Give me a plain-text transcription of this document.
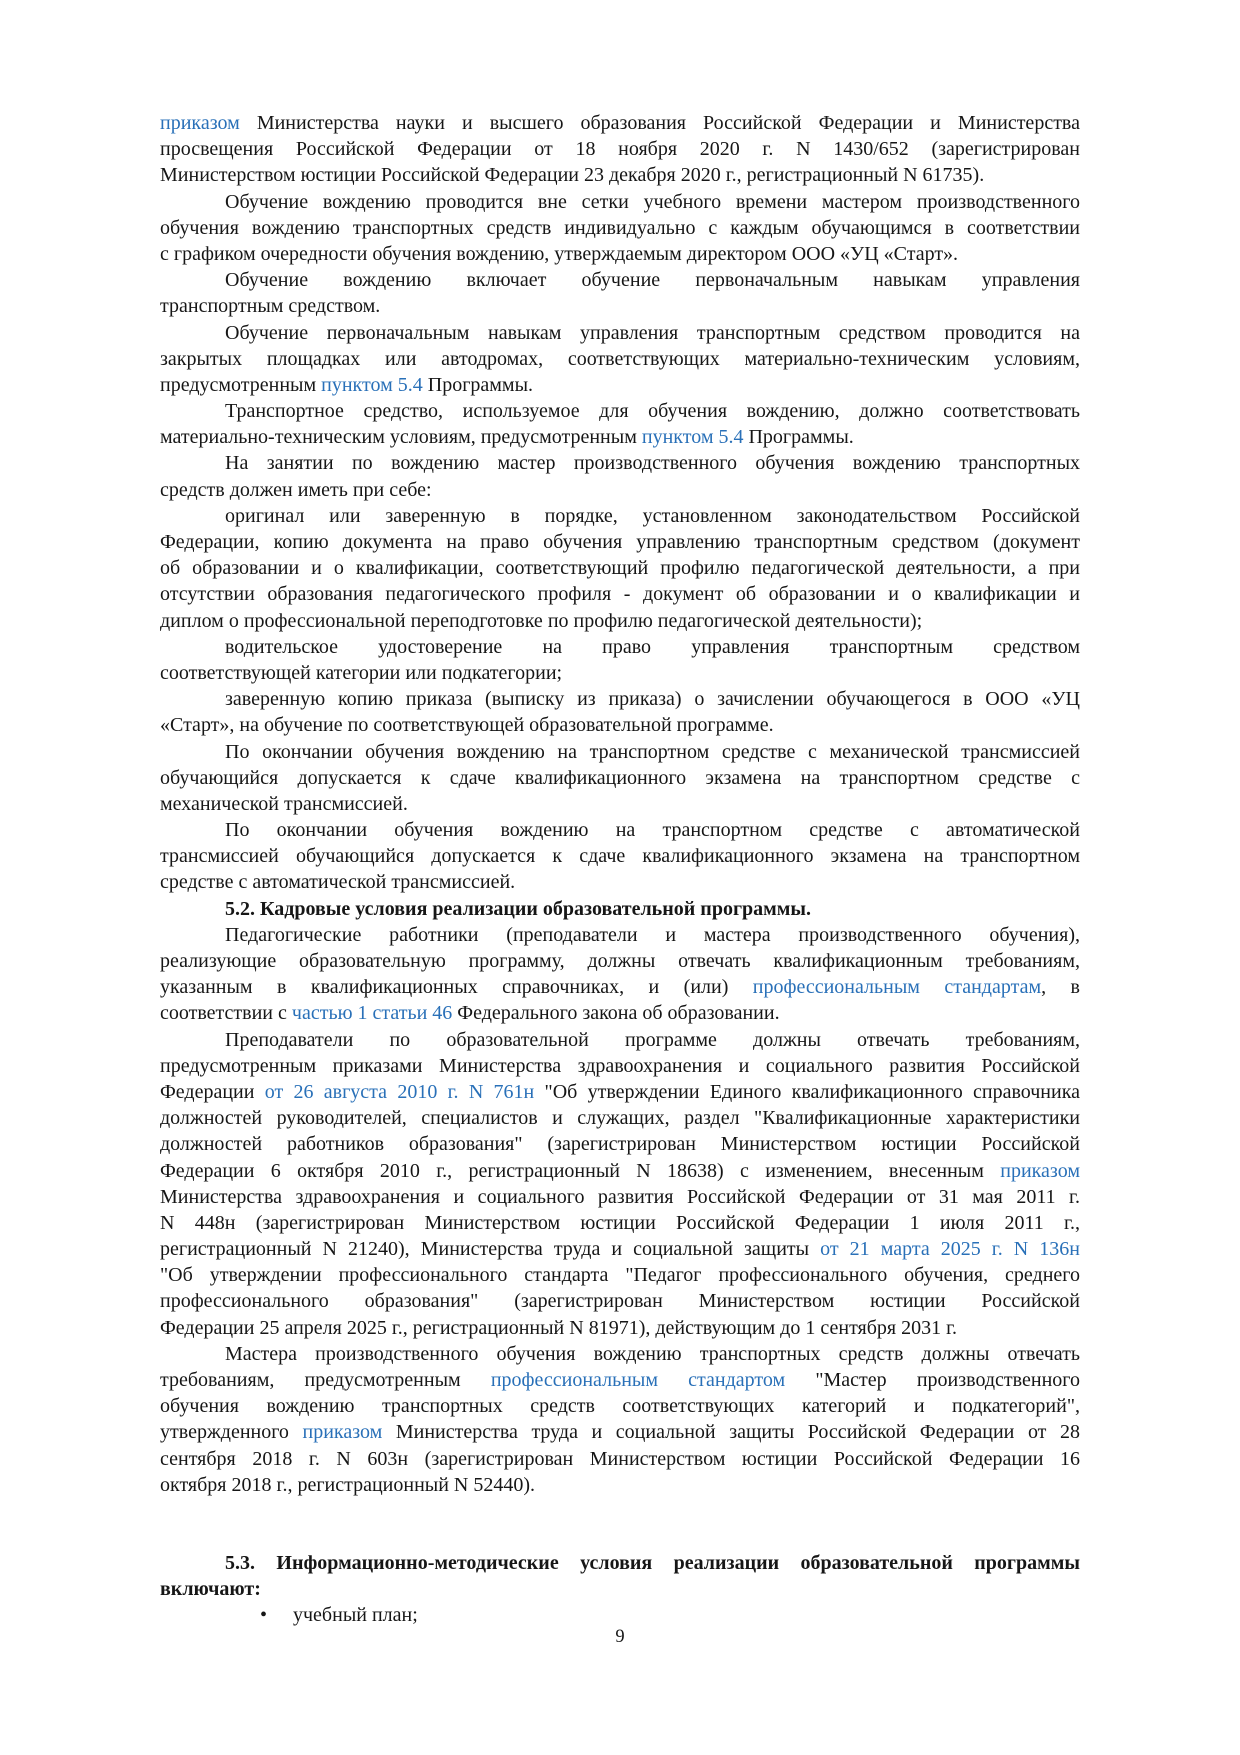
приказом Министерства науки и высшего образования Российской Федерации и Министерства
просвещения Российской Федерации от 18 ноября 2020 г. N 1430/652 (зарегистрирован
Министерством юстиции Российской Федерации 23 декабря 2020 г., регистрационный N 61735).
Обучение вождению проводится вне сетки учебного времени мастером производственного
обучения вождению транспортных средств индивидуально с каждым обучающимся в соответствии
с графиком очередности обучения вождению, утверждаемым директором ООО «УЦ «Старт».
Обучение вождению включает обучение первоначальным навыкам управления
транспортным средством.
Обучение первоначальным навыкам управления транспортным средством проводится на
закрытых площадках или автодромах, соответствующих материально-техническим условиям,
предусмотренным пунктом 5.4 Программы.
Транспортное средство, используемое для обучения вождению, должно соответствовать
материально-техническим условиям, предусмотренным пунктом 5.4 Программы.
На занятии по вождению мастер производственного обучения вождению транспортных
средств должен иметь при себе:
оригинал или заверенную в порядке, установленном законодательством Российской
Федерации, копию документа на право обучения управлению транспортным средством (документ
об образовании и о квалификации, соответствующий профилю педагогической деятельности, а при
отсутствии образования педагогического профиля - документ об образовании и о квалификации и
диплом о профессиональной переподготовке по профилю педагогической деятельности);
водительское удостоверение на право управления транспортным средством
соответствующей категории или подкатегории;
заверенную копию приказа (выписку из приказа) о зачислении обучающегося в ООО «УЦ
«Старт», на обучение по соответствующей образовательной программе.
По окончании обучения вождению на транспортном средстве с механической трансмиссией
обучающийся допускается к сдаче квалификационного экзамена на транспортном средстве с
механической трансмиссией.
По окончании обучения вождению на транспортном средстве с автоматической
трансмиссией обучающийся допускается к сдаче квалификационного экзамена на транспортном
средстве с автоматической трансмиссией.
5.2. Кадровые условия реализации образовательной программы.
Педагогические работники (преподаватели и мастера производственного обучения),
реализующие образовательную программу, должны отвечать квалификационным требованиям,
указанным в квалификационных справочниках, и (или) профессиональным стандартам, в
соответствии с частью 1 статьи 46 Федерального закона об образовании.
Преподаватели по образовательной программе должны отвечать требованиям,
предусмотренным приказами Министерства здравоохранения и социального развития Российской
Федерации от 26 августа 2010 г. N 761н "Об утверждении Единого квалификационного справочника
должностей руководителей, специалистов и служащих, раздел "Квалификационные характеристики
должностей работников образования" (зарегистрирован Министерством юстиции Российской
Федерации 6 октября 2010 г., регистрационный N 18638) с изменением, внесенным приказом
Министерства здравоохранения и социального развития Российской Федерации от 31 мая 2011 г.
N 448н (зарегистрирован Министерством юстиции Российской Федерации 1 июля 2011 г.,
регистрационный N 21240), Министерства труда и социальной защиты от 21 марта 2025 г. N 136н
"Об утверждении профессионального стандарта "Педагог профессионального обучения, среднего
профессионального образования" (зарегистрирован Министерством юстиции Российской
Федерации 25 апреля 2025 г., регистрационный N 81971), действующим до 1 сентября 2031 г.
Мастера производственного обучения вождению транспортных средств должны отвечать
требованиям, предусмотренным профессиональным стандартом "Мастер производственного
обучения вождению транспортных средств соответствующих категорий и подкатегорий",
утвержденного приказом Министерства труда и социальной защиты Российской Федерации от 28
сентября 2018 г. N 603н (зарегистрирован Министерством юстиции Российской Федерации 16
октября 2018 г., регистрационный N 52440).
5.3. Информационно-методические условия реализации образовательной программы
включают:
• учебный план;
9
